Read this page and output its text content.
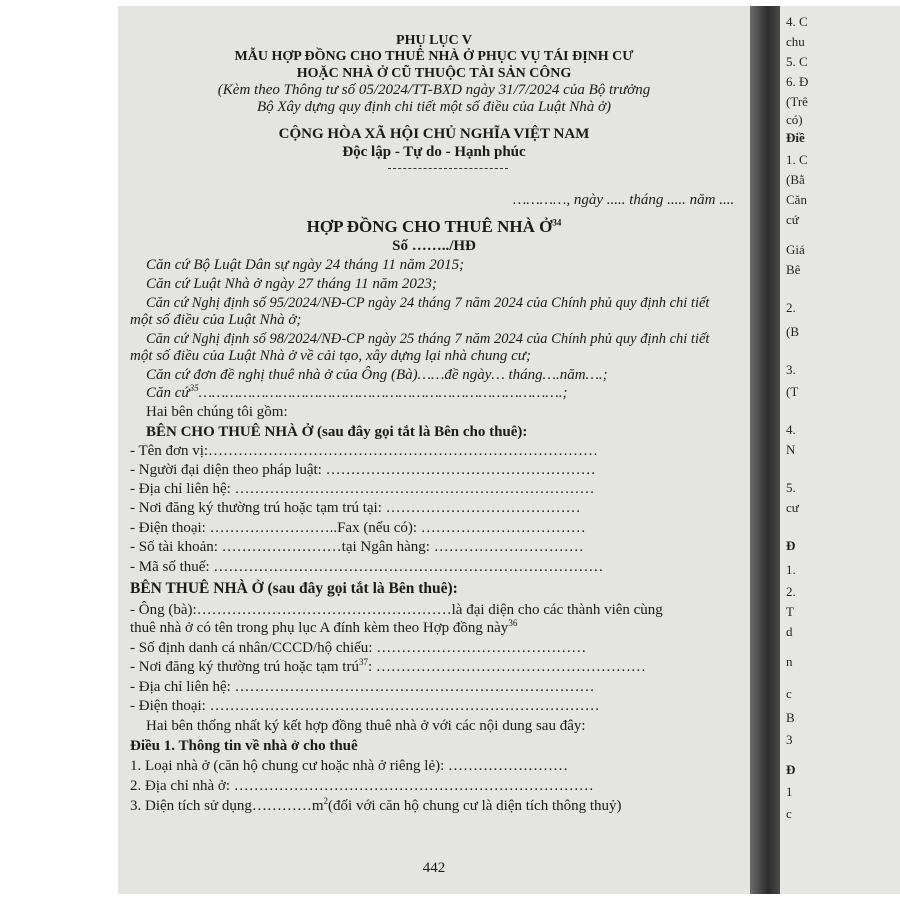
PHỤ LỤC V
MẪU HỢP ĐỒNG CHO THUÊ NHÀ Ở PHỤC VỤ TÁI ĐỊNH CƯ
HOẶC NHÀ Ở CŨ THUỘC TÀI SẢN CÔNG
(Kèm theo Thông tư số 05/2024/TT-BXD ngày 31/7/2024 của Bộ trưởng
Bộ Xây dựng quy định chi tiết một số điều của Luật Nhà ở)
CỘNG HÒA XÃ HỘI CHỦ NGHĨA VIỆT NAM
Độc lập - Tự do - Hạnh phúc
…………, ngày ..... tháng ..... năm ....
HỢP ĐỒNG CHO THUÊ NHÀ Ở$^{34}$
Số ……../HĐ
Căn cứ Bộ Luật Dân sự ngày 24 tháng 11 năm 2015;
Căn cứ Luật Nhà ở ngày 27 tháng 11 năm 2023;
Căn cứ Nghị định số 95/2024/NĐ-CP ngày 24 tháng 7 năm 2024 của Chính phủ quy định chi tiết
một số điều của Luật Nhà ở;
Căn cứ Nghị định số 98/2024/NĐ-CP ngày 25 tháng 7 năm 2024 của Chính phủ quy định chi tiết
một số điều của Luật Nhà ở về cải tạo, xây dựng lại nhà chung cư;
Căn cứ đơn đề nghị thuê nhà ở của Ông (Bà)……đề ngày… tháng….năm….;
Căn cứ$^{35}$……………………………………………………………………….;
Hai bên chúng tôi gồm:
BÊN CHO THUÊ NHÀ Ở (sau đây gọi tắt là Bên cho thuê):
- Tên đơn vị:……………………………………………………………………
- Người đại diện theo pháp luật: ………………………………………………
- Địa chỉ liên hệ: ………………………………………………………………
- Nơi đăng ký thường trú hoặc tạm trú tại: …………………………………
- Điện thoại: ……………………..Fax (nếu có): ……………………………
- Số tài khoản: ……………………tại Ngân hàng: …………………………
- Mã số thuế: ……………………………………………………………………
BÊN THUÊ NHÀ Ở (sau đây gọi tắt là Bên thuê):
- Ông (bà):……………………………………………là đại diện cho các thành viên cùng
thuê nhà ở có tên trong phụ lục A đính kèm theo Hợp đồng này$^{36}$
- Số định danh cá nhân/CCCD/hộ chiếu: ……………………………………
- Nơi đăng ký thường trú hoặc tạm trú$^{37}$: ………………………………………………
- Địa chỉ liên hệ: ………………………………………………………………
- Điện thoại: ……………………………………………………………………
Hai bên thống nhất ký kết hợp đồng thuê nhà ở với các nội dung sau đây:
Điều 1. Thông tin về nhà ở cho thuê
1. Loại nhà ở (căn hộ chung cư hoặc nhà ở riêng lẻ): ……………………
2. Địa chỉ nhà ở: ………………………………………………………………
3. Diện tích sử $dụng\dots\dots\dots\dots m^2(đối$ với căn hộ chung cư là diện tích thông thuỷ)
442
4. C
chu
5. C
6. Đ
(Trê
có)
Điề
1. C
(Bằ
Căn
cứ
Giá
Bê
2.
(B
3.
(T
4.
N
5.
cư
Đ
1.
2.
T
d
n
c
B
3
Đ
1
c
